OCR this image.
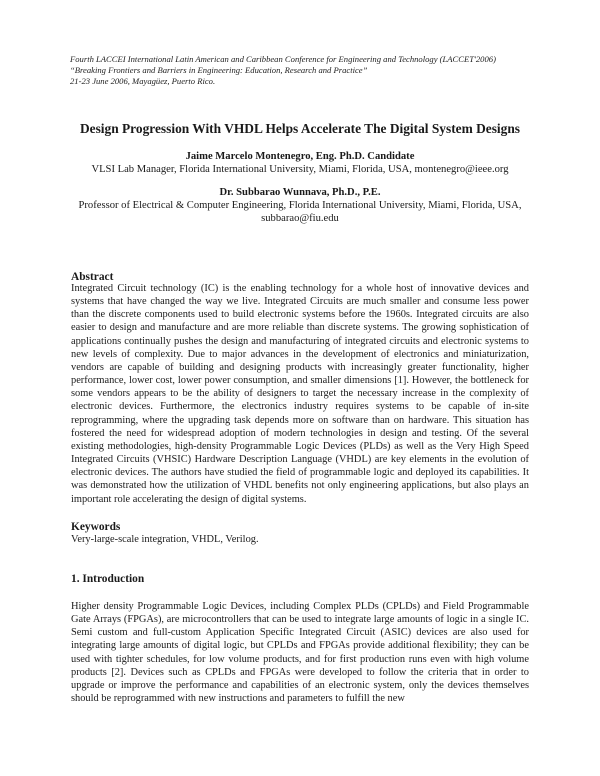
Fourth LACCEI International Latin American and Caribbean Conference for Engineering and Technology (LACCET'2006)
“Breaking Frontiers and Barriers in Engineering: Education, Research and Practice”
21-23 June 2006, Mayagüez, Puerto Rico.
Design Progression With VHDL Helps Accelerate The Digital System Designs
Jaime Marcelo Montenegro, Eng. Ph.D. Candidate
VLSI Lab Manager, Florida International University, Miami, Florida, USA, montenegro@ieee.org
Dr. Subbarao Wunnava, Ph.D., P.E.
Professor of Electrical & Computer Engineering, Florida International University, Miami, Florida, USA, subbarao@fiu.edu
Abstract
Integrated Circuit technology (IC) is the enabling technology for a whole host of innovative devices and systems that have changed the way we live. Integrated Circuits are much smaller and consume less power than the discrete components used to build electronic systems before the 1960s. Integrated circuits are also easier to design and manufacture and are more reliable than discrete systems. The growing sophistication of applications continually pushes the design and manufacturing of integrated circuits and electronic systems to new levels of complexity. Due to major advances in the development of electronics and miniaturization, vendors are capable of building and designing products with increasingly greater functionality, higher performance, lower cost, lower power consumption, and smaller dimensions [1]. However, the bottleneck for some vendors appears to be the ability of designers to target the necessary increase in the complexity of electronic devices. Furthermore, the electronics industry requires systems to be capable of in-site reprogramming, where the upgrading task depends more on software than on hardware. This situation has fostered the need for widespread adoption of modern technologies in design and testing. Of the several existing methodologies, high-density Programmable Logic Devices (PLDs) as well as the Very High Speed Integrated Circuits (VHSIC) Hardware Description Language (VHDL) are key elements in the evolution of electronic devices. The authors have studied the field of programmable logic and deployed its capabilities. It was demonstrated how the utilization of VHDL benefits not only engineering applications, but also plays an important role accelerating the design of digital systems.
Keywords
Very-large-scale integration, VHDL, Verilog.
1. Introduction
Higher density Programmable Logic Devices, including Complex PLDs (CPLDs) and Field Programmable Gate Arrays (FPGAs), are microcontrollers that can be used to integrate large amounts of logic in a single IC. Semi custom and full-custom Application Specific Integrated Circuit (ASIC) devices are also used for integrating large amounts of digital logic, but CPLDs and FPGAs provide additional flexibility; they can be used with tighter schedules, for low volume products, and for first production runs even with high volume products [2]. Devices such as CPLDs and FPGAs were developed to follow the criteria that in order to upgrade or improve the performance and capabilities of an electronic system, only the devices themselves should be reprogrammed with new instructions and parameters to fulfill the new
